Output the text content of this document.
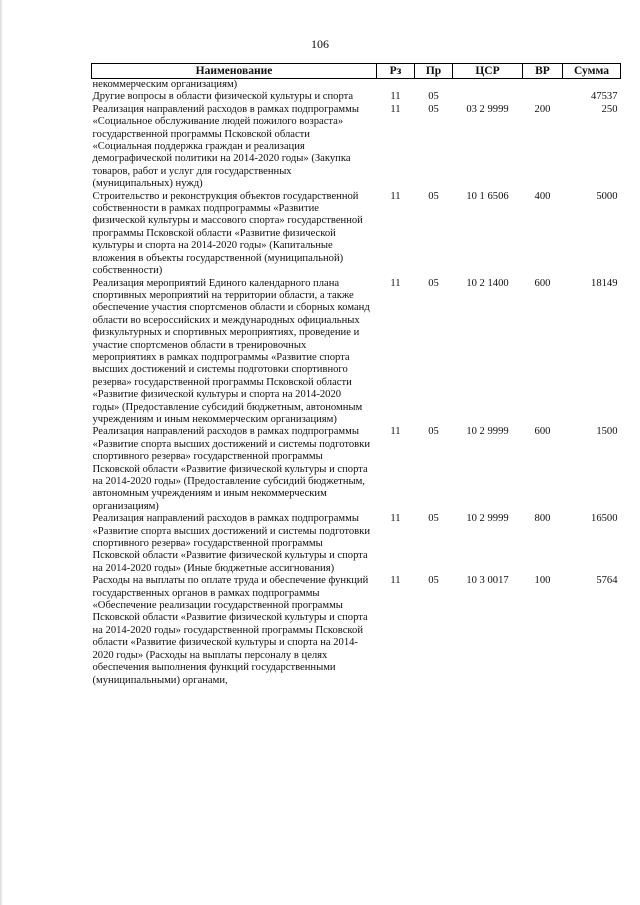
106
Наименование	Рз	Пр	ЦСР	ВР	Сумма
некоммерческим организациям)					
Другие вопросы в области физической культуры и спорта	11	05			47537
Реализация направлений расходов в рамках подпрограммы «Социальное обслуживание людей пожилого возраста» государственной программы Псковской области «Социальная поддержка граждан и реализация демографической политики на 2014-2020 годы» (Закупка товаров, работ и услуг для государственных (муниципальных) нужд)	11	05	03 2 9999	200	250
Строительство и реконструкция объектов государственной собственности в рамках подпрограммы «Развитие физической культуры и массового спорта» государственной программы Псковской области «Развитие физической культуры и спорта на 2014-2020 годы» (Капитальные вложения в объекты государственной (муниципальной) собственности)	11	05	10 1 6506	400	5000
Реализация мероприятий Единого календарного плана спортивных мероприятий на территории области, а также обеспечение участия спортсменов области и сборных команд области во всероссийских и международных официальных физкультурных и спортивных мероприятиях, проведение и участие спортсменов области в тренировочных мероприятиях в рамках подпрограммы «Развитие спорта высших достижений и системы подготовки спортивного резерва» государственной программы Псковской области «Развитие физической культуры и спорта на 2014-2020 годы» (Предоставление субсидий бюджетным, автономным учреждениям и иным некоммерческим организациям)	11	05	10 2 1400	600	18149
Реализация направлений расходов в рамках подпрограммы «Развитие спорта высших достижений и системы подготовки спортивного резерва» государственной программы Псковской области «Развитие физической культуры и спорта на 2014-2020 годы» (Предоставление субсидий бюджетным, автономным учреждениям и иным некоммерческим организациям)	11	05	10 2 9999	600	1500
Реализация направлений расходов в рамках подпрограммы «Развитие спорта высших достижений и системы подготовки спортивного резерва» государственной программы Псковской области «Развитие физической культуры и спорта на 2014-2020 годы» (Иные бюджетные ассигнования)	11	05	10 2 9999	800	16500
Расходы на выплаты по оплате труда и обеспечение функций государственных органов в рамках подпрограммы «Обеспечение реализации государственной программы Псковской области «Развитие физической культуры и спорта на 2014-2020 годы» государственной программы Псковской области «Развитие физической культуры и спорта на 2014-2020 годы» (Расходы на выплаты персоналу в целях обеспечения выполнения функций государственными (муниципальными) органами,	11	05	10 3 0017	100	5764
